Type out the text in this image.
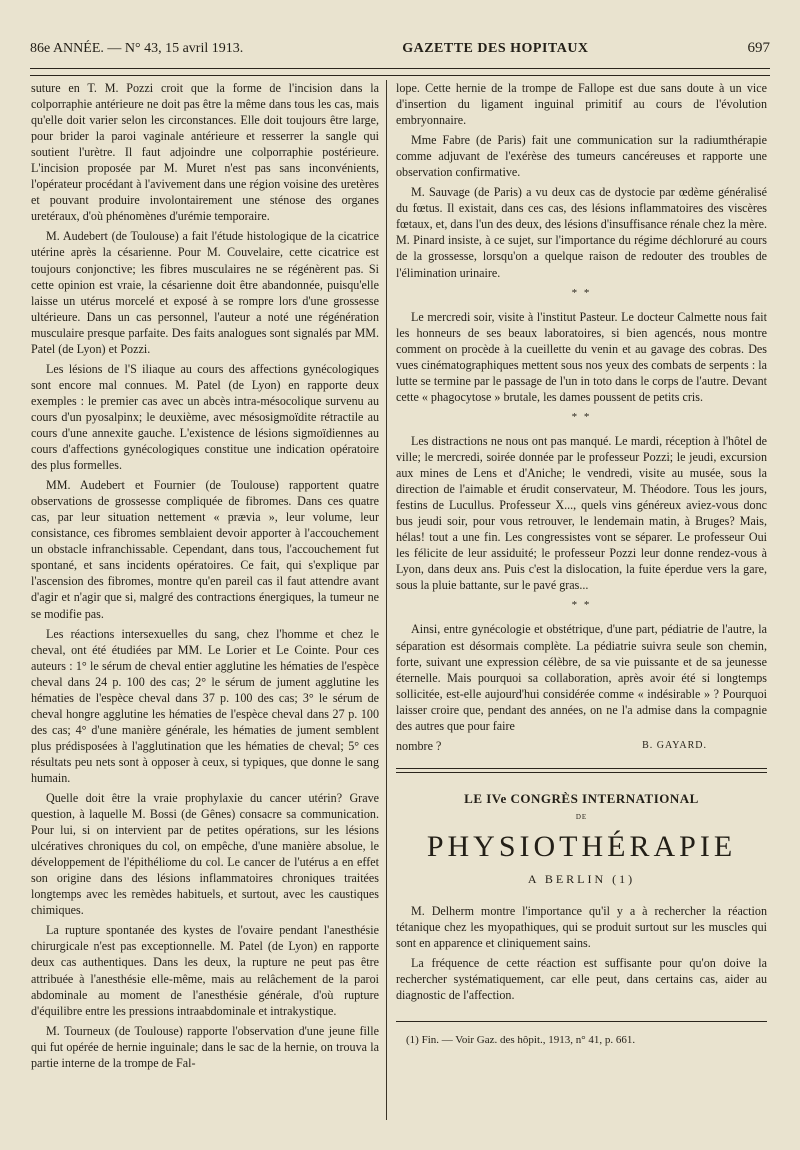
86e ANNÉE. — N° 43, 15 avril 1913.	GAZETTE DES HOPITAUX	697

suture en T. M. Pozzi croit que la forme de l'incision dans la colporraphie antérieure ne doit pas être la même dans tous les cas, mais qu'elle doit varier selon les circonstances. Elle doit toujours être large, pour brider la paroi vaginale antérieure et resserrer la sangle qui soutient l'urètre. Il faut adjoindre une colporraphie postérieure. L'incision proposée par M. Muret n'est pas sans inconvénients, l'opérateur procédant à l'avivement dans une région voisine des uretères et pouvant produire involontairement une sténose des organes uretéraux, d'où phénomènes d'urémie temporaire.

M. Audebert (de Toulouse) a fait l'étude histologique de la cicatrice utérine après la césarienne. Pour M. Couvelaire, cette cicatrice est toujours conjonctive; les fibres musculaires ne se régénèrent pas. Si cette opinion est vraie, la césarienne doit être abandonnée, puisqu'elle laisse un utérus morcelé et exposé à se rompre lors d'une grossesse ultérieure. Dans un cas personnel, l'auteur a noté une régénération musculaire presque parfaite. Des faits analogues sont signalés par MM. Patel (de Lyon) et Pozzi.

Les lésions de l'S iliaque au cours des affections gynécologiques sont encore mal connues. M. Patel (de Lyon) en rapporte deux exemples : le premier cas avec un abcès intra-mésocolique survenu au cours d'un pyosalpinx; le deuxième, avec mésosigmoïdite rétractile au cours d'une annexite gauche. L'existence de lésions sigmoïdiennes au cours d'affections gynécologiques constitue une indication opératoire des plus formelles.

MM. Audebert et Fournier (de Toulouse) rapportent quatre observations de grossesse compliquée de fibromes. Dans ces quatre cas, par leur situation nettement « prævia », leur volume, leur consistance, ces fibromes semblaient devoir apporter à l'accouchement un obstacle infranchissable. Cependant, dans tous, l'accouchement fut spontané, et sans incidents opératoires. Ce fait, qui s'explique par l'ascension des fibromes, montre qu'en pareil cas il faut attendre avant d'agir et n'agir que si, malgré des contractions énergiques, la tumeur ne se modifie pas.

Les réactions intersexuelles du sang, chez l'homme et chez le cheval, ont été étudiées par MM. Le Lorier et Le Cointe. Pour ces auteurs : 1° le sérum de cheval entier agglutine les hématies de l'espèce cheval dans 24 p. 100 des cas; 2° le sérum de jument agglutine les hématies de l'espèce cheval dans 37 p. 100 des cas; 3° le sérum de cheval hongre agglutine les hématies de l'espèce cheval dans 27 p. 100 des cas; 4° d'une manière générale, les hématies de jument semblent plus prédisposées à l'agglutination que les hématies de cheval; 5° ces résultats peu nets sont à opposer à ceux, si typiques, que donne le sang humain.

Quelle doit être la vraie prophylaxie du cancer utérin? Grave question, à laquelle M. Bossi (de Gênes) consacre sa communication. Pour lui, si on intervient par de petites opérations, sur les lésions ulcératives chroniques du col, on empêche, d'une manière absolue, le développement de l'épithéliome du col. Le cancer de l'utérus a en effet son origine dans des lésions inflammatoires chroniques traitées longtemps avec les remèdes habituels, et surtout, avec les caustiques chimiques.

La rupture spontanée des kystes de l'ovaire pendant l'anesthésie chirurgicale n'est pas exceptionnelle. M. Patel (de Lyon) en rapporte deux cas authentiques. Dans les deux, la rupture ne peut pas être attribuée à l'anesthésie elle-même, mais au relâchement de la paroi abdominale au moment de l'anesthésie générale, d'où rupture d'équilibre entre les pressions intraabdominale et intrakystique.

M. Tourneux (de Toulouse) rapporte l'observation d'une jeune fille qui fut opérée de hernie inguinale; dans le sac de la hernie, on trouva la partie interne de la trompe de Fal-

lope. Cette hernie de la trompe de Fallope est due sans doute à un vice d'insertion du ligament inguinal primitif au cours de l'évolution embryonnaire.

Mme Fabre (de Paris) fait une communication sur la radiumthérapie comme adjuvant de l'exérèse des tumeurs cancéreuses et rapporte une observation confirmative.

M. Sauvage (de Paris) a vu deux cas de dystocie par œdème généralisé du fœtus. Il existait, dans ces cas, des lésions inflammatoires des viscères fœtaux, et, dans l'un des deux, des lésions d'insuffisance rénale chez la mère. M. Pinard insiste, à ce sujet, sur l'importance du régime déchloruré au cours de la grossesse, lorsqu'on a quelque raison de redouter des troubles de l'élimination urinaire.

* *

Le mercredi soir, visite à l'institut Pasteur. Le docteur Calmette nous fait les honneurs de ses beaux laboratoires, si bien agencés, nous montre comment on procède à la cueillette du venin et au gavage des cobras. Des vues cinématographiques mettent sous nos yeux des combats de serpents : la lutte se termine par le passage de l'un in toto dans le corps de l'autre. Devant cette « phagocytose » brutale, les dames poussent de petits cris.

* *

Les distractions ne nous ont pas manqué. Le mardi, réception à l'hôtel de ville; le mercredi, soirée donnée par le professeur Pozzi; le jeudi, excursion aux mines de Lens et d'Aniche; le vendredi, visite au musée, sous la direction de l'aimable et érudit conservateur, M. Théodore. Tous les jours, festins de Lucullus. Professeur X..., quels vins généreux aviez-vous donc bus jeudi soir, pour vous retrouver, le lendemain matin, à Bruges? Mais, hélas! tout a une fin. Les congressistes vont se séparer. Le professeur Oui les félicite de leur assiduité; le professeur Pozzi leur donne rendez-vous à Lyon, dans deux ans. Puis c'est la dislocation, la fuite éperdue vers la gare, sous la pluie battante, sur le pavé gras...

* *

Ainsi, entre gynécologie et obstétrique, d'une part, pédiatrie de l'autre, la séparation est désormais complète. La pédiatrie suivra seule son chemin, forte, suivant une expression célèbre, de sa vie puissante et de sa jeunesse éternelle. Mais pourquoi sa collaboration, après avoir été si longtemps sollicitée, est-elle aujourd'hui considérée comme « indésirable » ? Pourquoi laisser croire que, pendant des années, on ne l'a admise dans la compagnie des autres que pour faire

nombre ?	B. GAYARD.

LE IVe CONGRÈS INTERNATIONAL
DE
PHYSIOTHÉRAPIE
A BERLIN (1)

M. Delherm montre l'importance qu'il y a à rechercher la réaction tétanique chez les myopathiques, qui se produit surtout sur les muscles qui sont en apparence et cliniquement sains.

La fréquence de cette réaction est suffisante pour qu'on doive la rechercher systématiquement, car elle peut, dans certains cas, aider au diagnostic de l'affection.

(1) Fin. — Voir Gaz. des hôpit., 1913, n° 41, p. 661.
